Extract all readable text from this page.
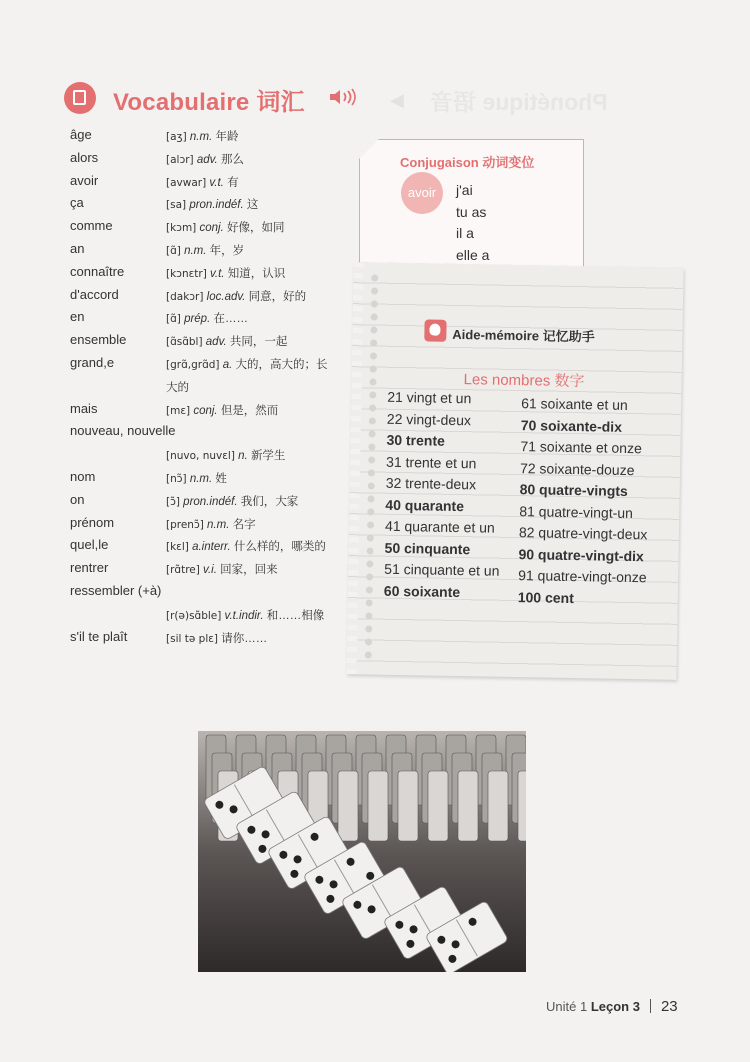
◀ Phonétique 语音
Vocabulaire 词汇
âge	[aʒ] n.m. 年龄
alors	[alɔr] adv. 那么
avoir	[avwar] v.t. 有
ça	[sa] pron.indéf. 这
comme	[kɔm] conj. 好像，如同
an	[ɑ̃] n.m. 年，岁
connaître	[kɔnɛtr] v.t. 知道，认识
d'accord	[dakɔr] loc.adv. 同意，好的
en	[ɑ̃] prép. 在……
ensemble	[ɑ̃sɑ̃bl] adv. 共同，一起
grand,e	[grɑ̃,grɑ̃d] a. 大的，高大的；长
大的
mais	[mɛ] conj. 但是，然而
nouveau, nouvelle
[nuvo, nuvɛl] n. 新学生
nom	[nɔ̃] n.m. 姓
on	[ɔ̃] pron.indéf. 我们，大家
prénom	[prenɔ̃] n.m. 名字
quel,le	[kɛl] a.interr. 什么样的，哪类的
rentrer	[rɑ̃tre] v.i. 回家，回来
ressembler (+à)
[r(ə)sɑ̃ble] v.t.indir. 和……相像
s'il te plaît	[sil tə plɛ] 请你……
Conjugaison 动词变位
avoir	j'ai
tu as
il a
elle a
Aide-mémoire 记忆助手
Les nombres 数字
21 vingt et un
22 vingt-deux
30 trente
31 trente et un
32 trente-deux
40 quarante
41 quarante et un
50 cinquante
51 cinquante et un
60 soixante
61 soixante et un
70 soixante-dix
71 soixante et onze
72 soixante-douze
80 quatre-vingts
81 quatre-vingt-un
82 quatre-vingt-deux
90 quatre-vingt-dix
91 quatre-vingt-onze
100 cent
Unité 1 Leçon 3 23
